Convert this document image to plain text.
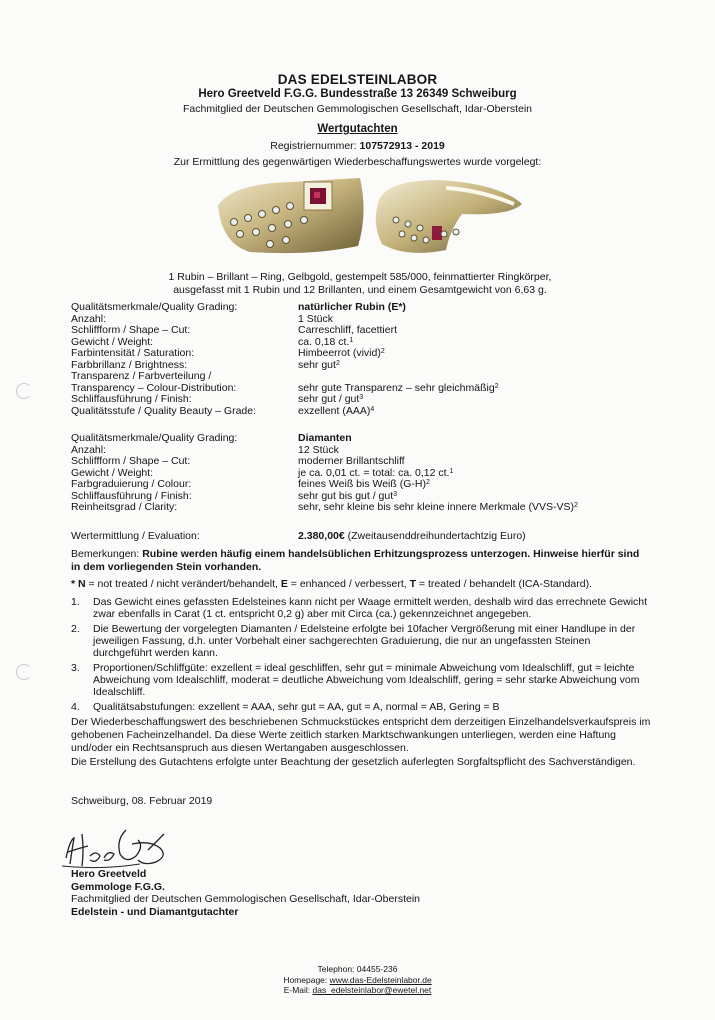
DAS EDELSTEINLABOR
Hero Greetveld F.G.G. Bundesstraße 13 26349 Schweiburg
Fachmitglied der Deutschen Gemmologischen Gesellschaft, Idar-Oberstein
Wertgutachten
Registriernummer: 107572913 - 2019
Zur Ermittlung des gegenwärtigen Wiederbeschaffungswertes wurde vorgelegt:
1 Rubin – Brillant – Ring, Gelbgold, gestempelt 585/000, feinmattierter Ringkörper,
ausgefasst mit 1 Rubin und 12 Brillanten, und einem Gesamtgewicht von 6,63 g.
Qualitätsmerkmale/Quality Grading:	natürlicher Rubin (E*)
Anzahl:	1 Stück
Schliffform / Shape – Cut:	Carreschliff, facettiert
Gewicht / Weight:	ca. 0,18 ct.$^1$
Farbintensität / Saturation:	Himbeerrot (vivid)$^2$
Farbbrillanz / Brightness:	sehr gut$^2$
Transparenz / Farbverteilung /
Transparency – Colour-Distribution:	sehr gute Transparenz – sehr gleichmäßig$^2$
Schliffausführung / Finish:	sehr gut / gut$^3$
Qualitätsstufe / Quality Beauty – Grade:	exzellent (AAA)$^4$
Qualitätsmerkmale/Quality Grading:	Diamanten
Anzahl:	12 Stück
Schliffform / Shape – Cut:	moderner Brillantschliff
Gewicht / Weight:	je ca. 0,01 ct. = total: ca. 0,12 ct.$^1$
Farbgraduierung / Colour:	feines Weiß bis Weiß $(G-H)^2$
Schliffausführung / Finish:	sehr gut bis gut / gut$^3$
Reinheitsgrad / Clarity:	sehr, sehr kleine bis sehr kleine innere Merkmale $(VVS-VS)^2$
Wertermittlung / Evaluation:	2.380,00€ (Zweitausenddreihundertachtzig Euro)
Bemerkungen: Rubine werden häufig einem handelsüblichen Erhitzungsprozess unterzogen. Hinweise hierfür sind in dem vorliegenden Stein vorhanden.
* N = not treated / nicht verändert/behandelt, E = enhanced / verbessert, T = treated / behandelt (ICA-Standard).
1. Das Gewicht eines gefassten Edelsteines kann nicht per Waage ermittelt werden, deshalb wird das errechnete Gewicht zwar ebenfalls in Carat (1 ct. entspricht 0,2 g) aber mit Circa (ca.) gekennzeichnet angegeben.
2. Die Bewertung der vorgelegten Diamanten / Edelsteine erfolgte bei 10facher Vergrößerung mit einer Handlupe in der jeweiligen Fassung, d.h. unter Vorbehalt einer sachgerechten Graduierung, die nur an ungefassten Steinen durchgeführt werden kann.
3. Proportionen/Schliffgüte: exzellent = ideal geschliffen, sehr gut = minimale Abweichung vom Idealschliff, gut = leichte Abweichung vom Idealschliff, moderat = deutliche Abweichung vom Idealschliff, gering = sehr starke Abweichung vom Idealschliff.
4. Qualitätsabstufungen: exzellent = AAA, sehr gut = AA, gut = A, normal = AB, Gering = B
Der Wiederbeschaffungswert des beschriebenen Schmuckstückes entspricht dem derzeitigen Einzelhandelsverkaufspreis im gehobenen Facheinzelhandel. Da diese Werte zeitlich starken Marktschwankungen unterliegen, werden eine Haftung und/oder ein Rechtsanspruch aus diesen Wertangaben ausgeschlossen.
Die Erstellung des Gutachtens erfolgte unter Beachtung der gesetzlich auferlegten Sorgfaltspflicht des Sachverständigen.
Schweiburg, 08. Februar 2019
Hero Greetveld
Gemmologe F.G.G.
Fachmitglied der Deutschen Gemmologischen Gesellschaft, Idar-Oberstein
Edelstein - und Diamantgutachter
Telephon: 04455-236
Homepage: www.das-Edelsteinlabor.de
E-Mail: das_edelsteinlabor@ewetel.net
